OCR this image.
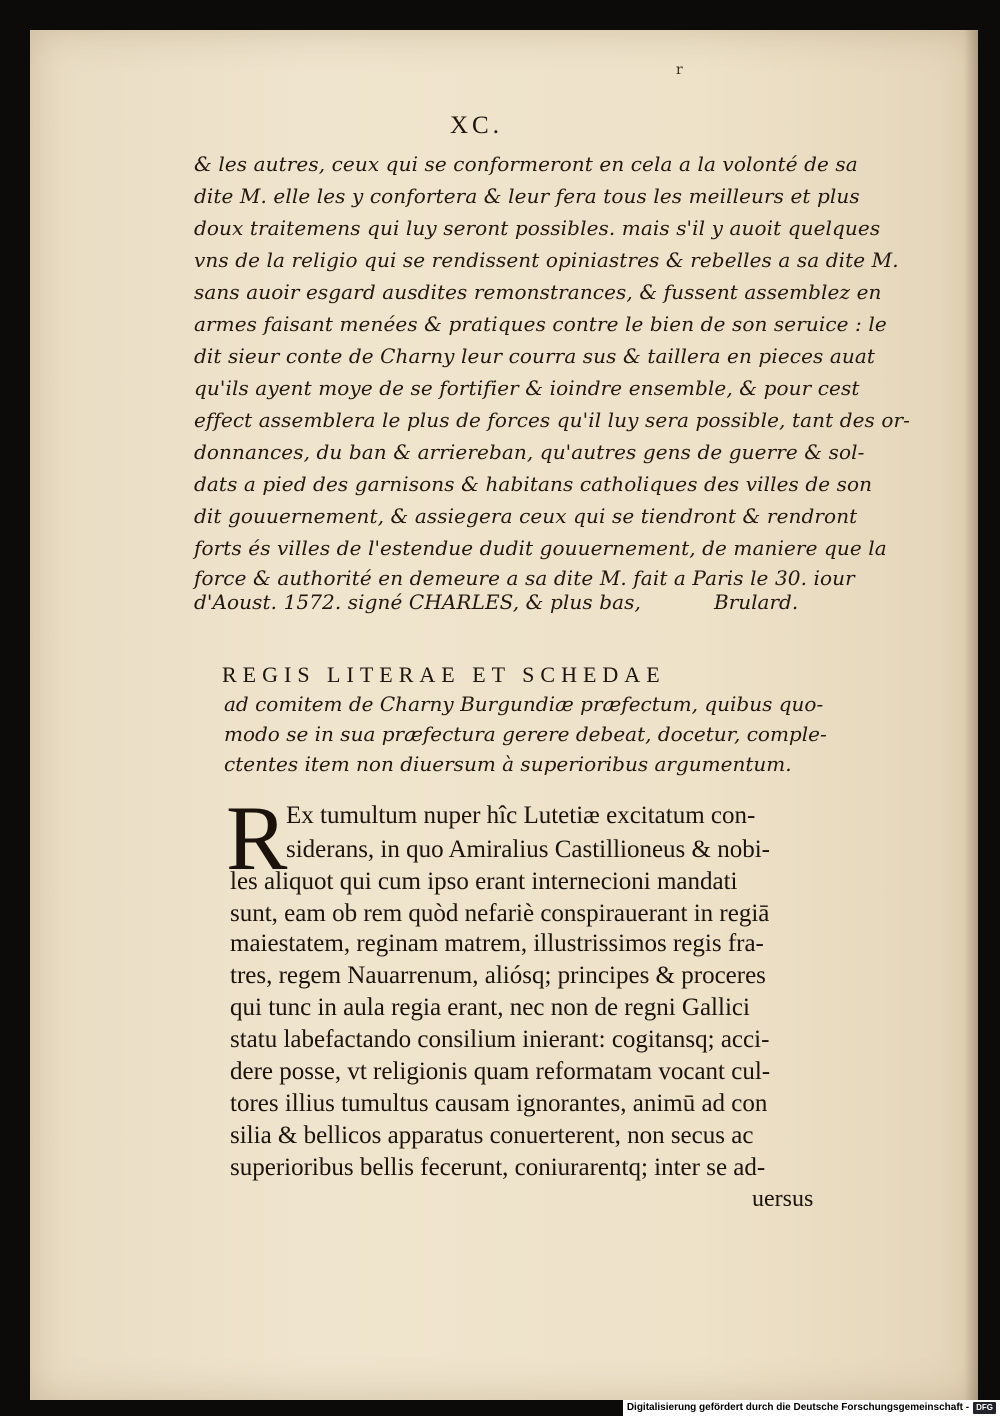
r
XC.
& les autres, ceux qui se conformeront en cela a la volonté de sa
dite M. elle les y confortera & leur fera tous les meilleurs et plus
doux traitemens qui luy seront possibles. mais s'il y auoit quelques
vns de la religio qui se rendissent opiniastres & rebelles a sa dite M.
sans auoir esgard ausdites remonstrances, & fussent assemblez en
armes faisant menées & pratiques contre le bien de son seruice : le
dit sieur conte de Charny leur courra sus & taillera en pieces auat
qu'ils ayent moye de se fortifier & ioindre ensemble, & pour cest
effect assemblera le plus de forces qu'il luy sera possible, tant des or-
donnances, du ban & arriereban, qu'autres gens de guerre & sol-
dats a pied des garnisons & habitans catholiques des villes de son
dit gouuernement, & assiegera ceux qui se tiendront & rendront
forts és villes de l'estendue dudit gouuernement, de maniere que la
force & authorité en demeure a sa dite M. fait a Paris le 30. iour
d'Aoust. 1572. signé CHARLES, & plus bas,	Brulard.
REGIS LITERAE ET SCHEDAE
ad comitem de Charny Burgundiæ præfectum, quibus quo-
modo se in sua præfectura gerere debeat, docetur, comple-
ctentes item non diuersum à superioribus argumentum.
R
Ex tumultum nuper hîc Lutetiæ excitatum con-
siderans, in quo Amiralius Castillioneus & nobi-
les aliquot qui cum ipso erant internecioni mandati
sunt, eam ob rem quòd nefariè conspirauerant in regiā
maiestatem, reginam matrem, illustrissimos regis fra-
tres, regem Nauarrenum, aliósq; principes & proceres
qui tunc in aula regia erant, nec non de regni Gallici
statu labefactando consilium inierant: cogitansq; acci-
dere posse, vt religionis quam reformatam vocant cul-
tores illius tumultus causam ignorantes, animū ad con
silia & bellicos apparatus conuerterent, non secus ac
superioribus bellis fecerunt, coniurarentq; inter se ad-
uersus
Digitalisierung gefördert durch die Deutsche Forschungsgemeinschaft - DFG
